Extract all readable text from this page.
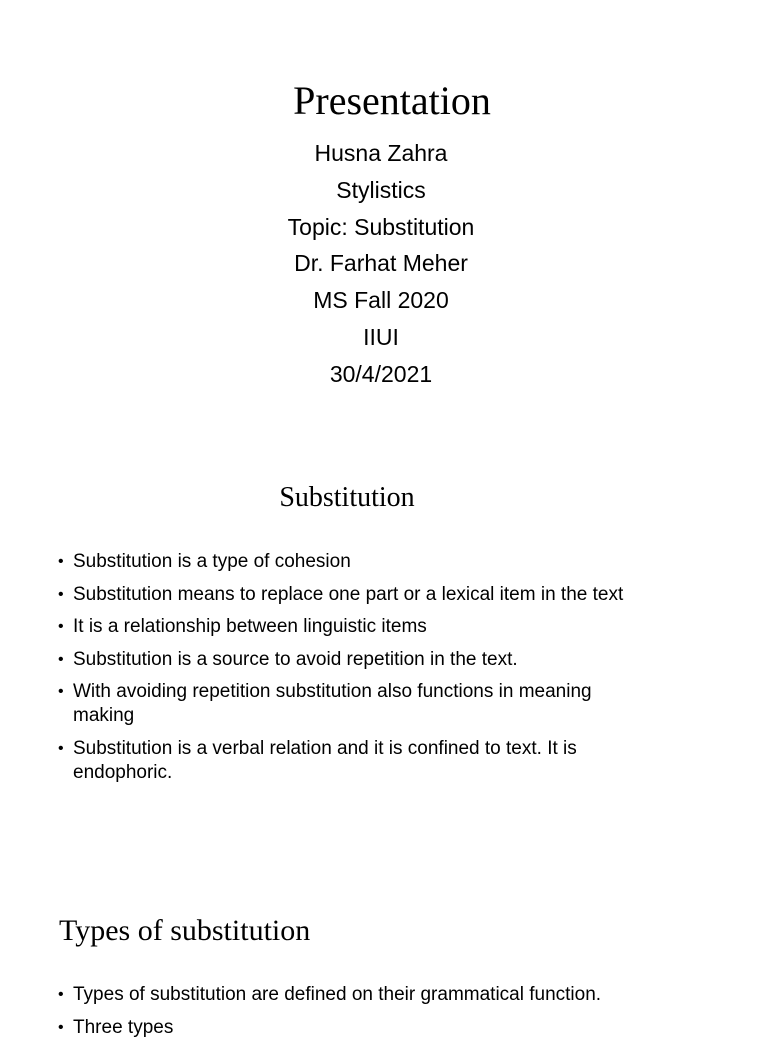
Presentation
Husna Zahra
Stylistics
Topic: Substitution
Dr. Farhat Meher
MS Fall 2020
IIUI
30/4/2021
Substitution
• Substitution is a type of cohesion
• Substitution means to replace one part or a lexical item in the text
• It is a relationship between linguistic items
• Substitution is a source to avoid repetition in the text.
• With avoiding repetition substitution also functions in meaning making
• Substitution is a verbal relation and it is confined to text. It is endophoric.
Types of substitution
• Types of substitution are defined on their grammatical function.
• Three types
